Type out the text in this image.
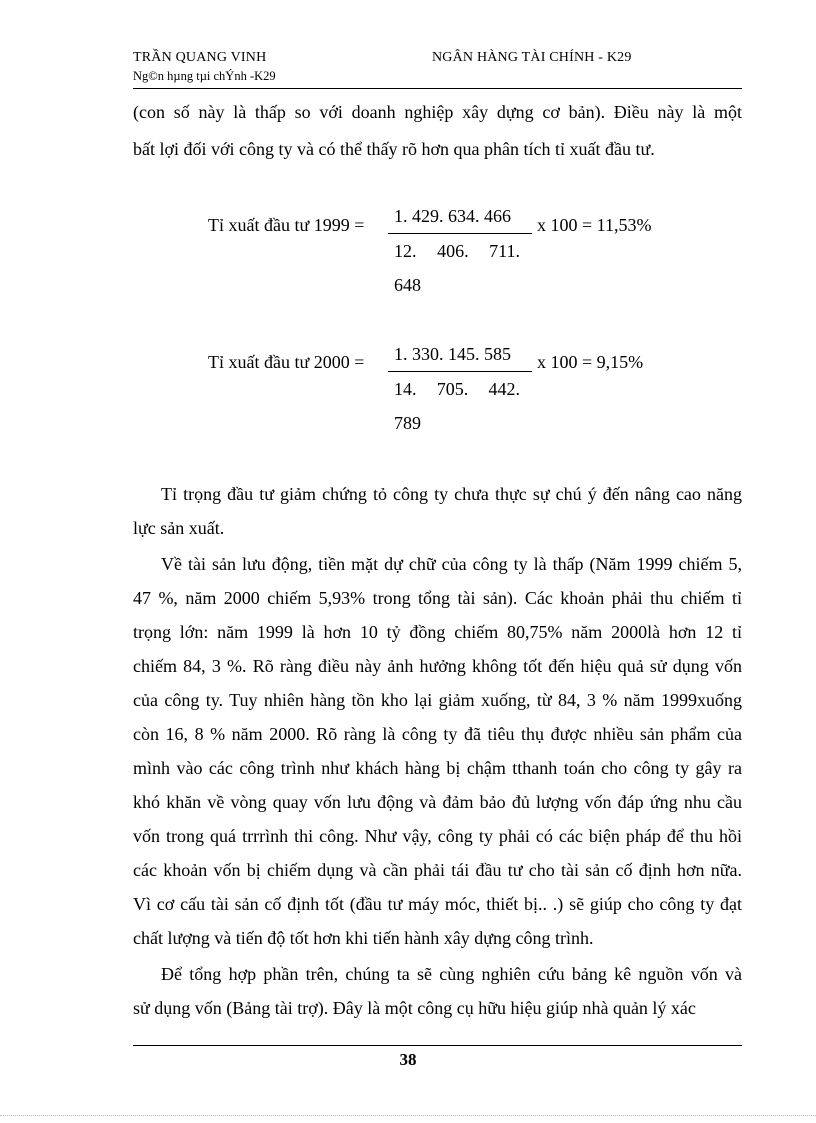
TRẦN QUANG VINH	NGÂN HÀNG TÀI CHÍNH - K29
Ng©n hµng tµi chÝnh -K29
(con số này là thấp so với doanh nghiệp xây dựng cơ bản). Điều này là một
bất lợi đối với công ty và có thể thấy rõ hơn qua phân tích tỉ xuất đầu tư.
Tỉ xuất đầu tư 1999 = 1. 429. 634. 466
12. 406. 711.
648
x 100 = 11,53%
Tỉ xuất đầu tư 2000 = 1. 330. 145. 585
14. 705. 442.
789
x 100 = 9,15%
Tỉ trọng đầu tư giảm chứng tỏ công ty chưa thực sự chú ý đến nâng cao năng
lực sản xuất.
Về tài sản lưu động, tiền mặt dự chữ của công ty là thấp (Năm 1999 chiếm 5,
47 %, năm 2000 chiếm 5,93% trong tổng tài sản). Các khoản phải thu chiếm tỉ
trọng lớn: năm 1999 là hơn 10 tỷ đồng chiếm 80,75% năm 2000là hơn 12 tỉ
chiếm 84, 3 %. Rõ ràng điều này ảnh hưởng không tốt đến hiệu quả sử dụng vốn
của công ty. Tuy nhiên hàng tồn kho lại giảm xuống, từ 84, 3 % năm 1999xuống
còn 16, 8 % năm 2000. Rõ ràng là công ty đã tiêu thụ được nhiều sản phẩm của
mình vào các công trình như khách hàng bị chậm tthanh toán cho công ty gây ra
khó khăn về vòng quay vốn lưu động và đảm bảo đủ lượng vốn đáp ứng nhu cầu
vốn trong quá trrrình thi công. Như vậy, công ty phải có các biện pháp để thu hồi
các khoản vốn bị chiếm dụng và cần phải tái đầu tư cho tài sản cố định hơn nữa.
Vì cơ cấu tài sản cố định tốt (đầu tư máy móc, thiết bị.. .) sẽ giúp cho công ty đạt
chất lượng và tiến độ tốt hơn khi tiến hành xây dựng công trình.
Để tổng hợp phần trên, chúng ta sẽ cùng nghiên cứu bảng kê nguồn vốn và
sử dụng vốn (Bảng tài trợ). Đây là một công cụ hữu hiệu giúp nhà quản lý xác
38
